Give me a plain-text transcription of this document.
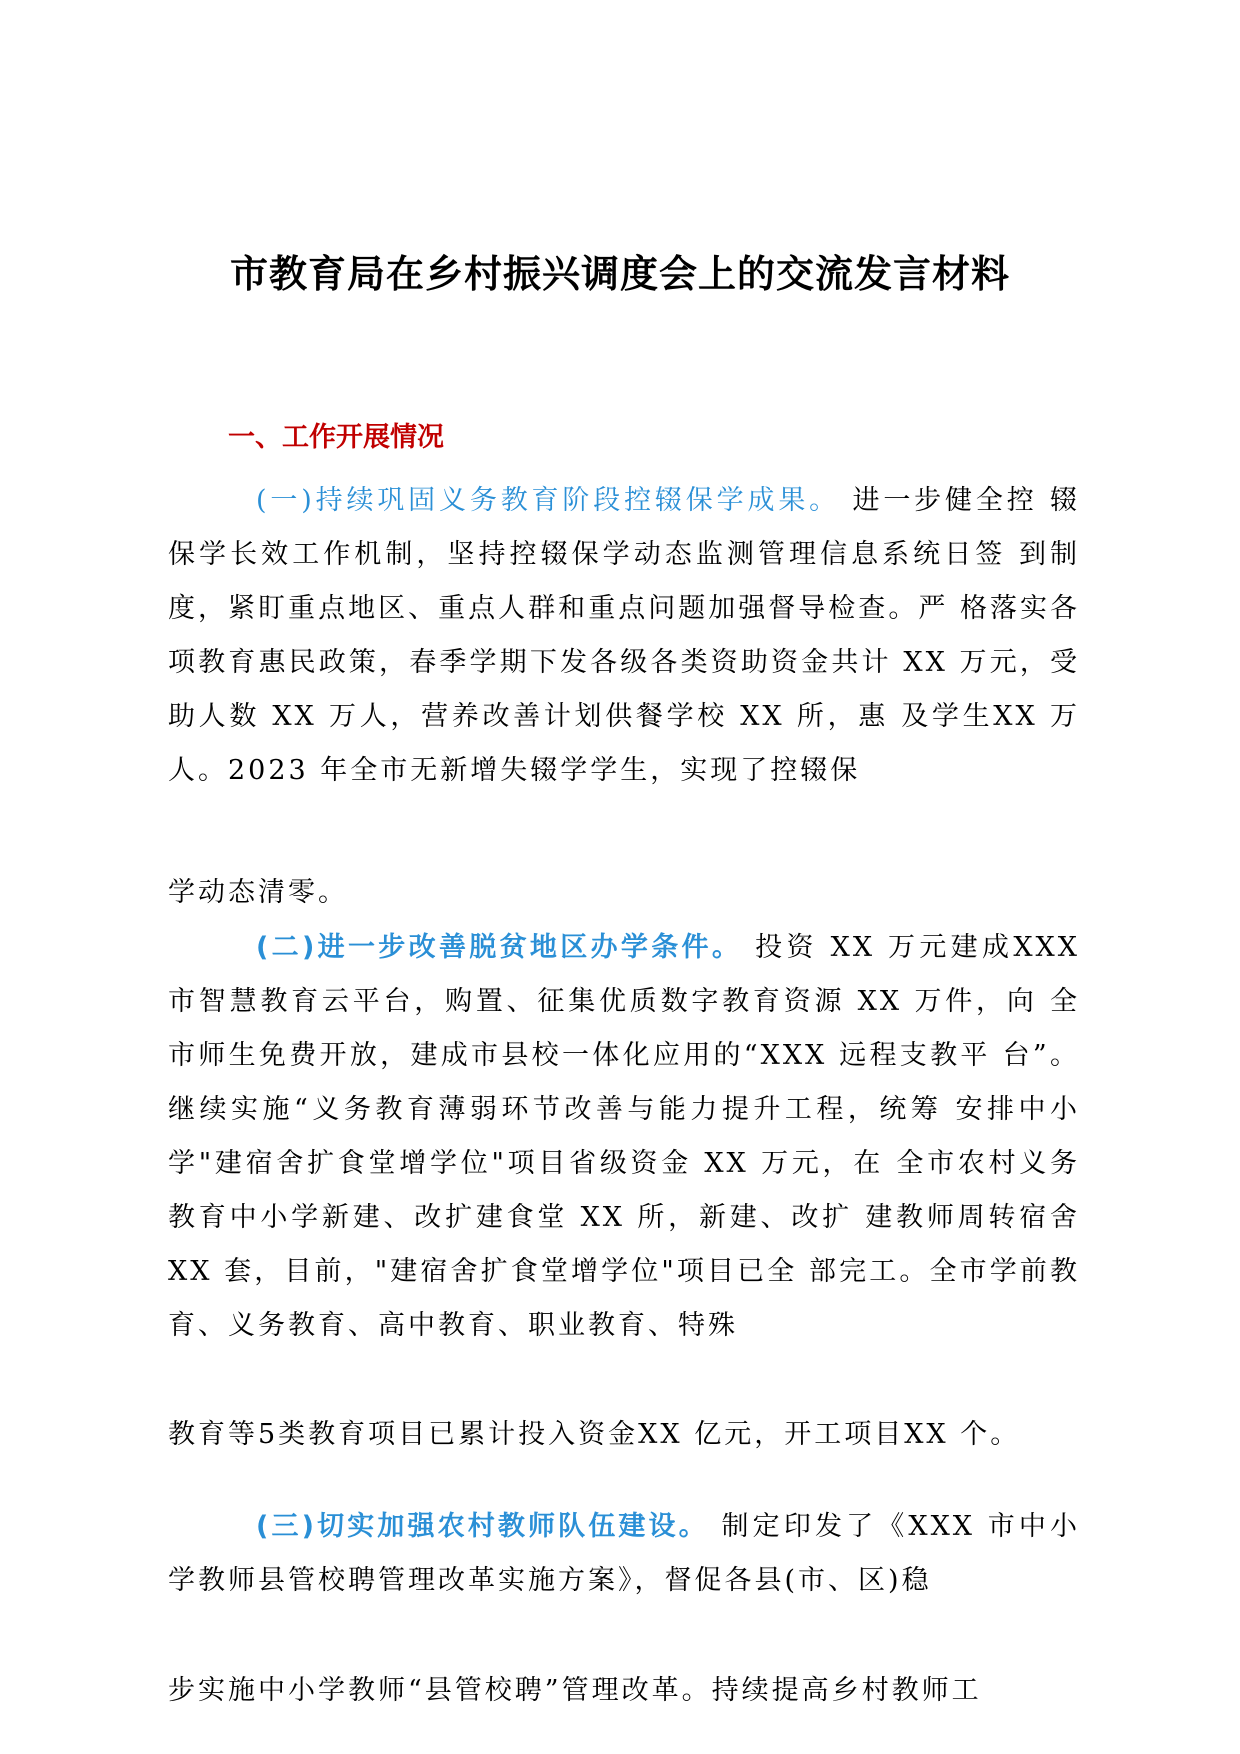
市教育局在乡村振兴调度会上的交流发言材料
一、工作开展情况

(一)持续巩固义务教育阶段控辍保学成果。 进一步健全控 辍保学长效工作机制，坚持控辍保学动态监测管理信息系统日签 到制度，紧盯重点地区、重点人群和重点问题加强督导检查。严 格落实各项教育惠民政策，春季学期下发各级各类资助资金共计 XX 万元，受助人数 XX 万人，营养改善计划供餐学校 XX 所，惠 及学生XX 万人。2023 年全市无新增失辍学学生，实现了控辍保

学动态清零。

(二)进一步改善脱贫地区办学条件。 投资 XX 万元建成XXX 市智慧教育云平台，购置、征集优质数字教育资源 XX 万件，向 全市师生免费开放，建成市县校一体化应用的“XXX 远程支教平 台”。继续实施“义务教育薄弱环节改善与能力提升工程，统筹 安排中小学"建宿舍扩食堂增学位"项目省级资金 XX 万元，在 全市农村义务教育中小学新建、改扩建食堂 XX 所，新建、改扩 建教师周转宿舍XX 套，目前，"建宿舍扩食堂增学位"项目已全 部完工。全市学前教育、义务教育、高中教育、职业教育、特殊

教育等5类教育项目已累计投入资金XX 亿元，开工项目XX 个。

(三)切实加强农村教师队伍建设。 制定印发了《XXX 市中小学教师县管校聘管理改革实施方案》，督促各县(市、区)稳

步实施中小学教师“县管校聘”管理改革。持续提高乡村教师工
